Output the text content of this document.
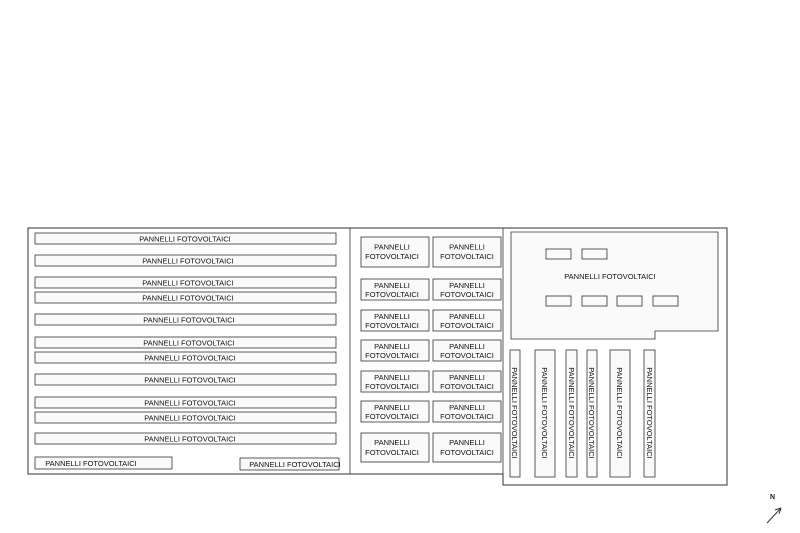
PANNELLI FOTOVOLTAICI
PANNELLI FOTOVOLTAICI
PANNELLI FOTOVOLTAICI
PANNELLI FOTOVOLTAICI
PANNELLI FOTOVOLTAICI
PANNELLI FOTOVOLTAICI
PANNELLI FOTOVOLTAICI
PANNELLI FOTOVOLTAICI
PANNELLI FOTOVOLTAICI
PANNELLI FOTOVOLTAICI
PANNELLI FOTOVOLTAICI
PANNELLI FOTOVOLTAICI	PANNELLI FOTOVOLTAICI
PANNELLI
FOTOVOLTAICI
PANNELLI
FOTOVOLTAICI
PANNELLI
FOTOVOLTAICI
PANNELLI
FOTOVOLTAICI
PANNELLI
FOTOVOLTAICI
PANNELLI
FOTOVOLTAICI
PANNELLI
FOTOVOLTAICI
PANNELLI
FOTOVOLTAICI
PANNELLI
FOTOVOLTAICI
PANNELLI
FOTOVOLTAICI
PANNELLI
FOTOVOLTAICI
PANNELLI
FOTOVOLTAICI
PANNELLI
FOTOVOLTAICI
PANNELLI
FOTOVOLTAICI
PANNELLI FOTOVOLTAICI
PANNELLI FOTOVOLTAICI	PANNELLI FOTOVOLTAICI PANNELLI FOTOVOLTAICI PANNELLI FOTOVOLTAICI	PANNELLI FOTOVOLTAICI	PANNELLI FOTOVOLTAICI
N
